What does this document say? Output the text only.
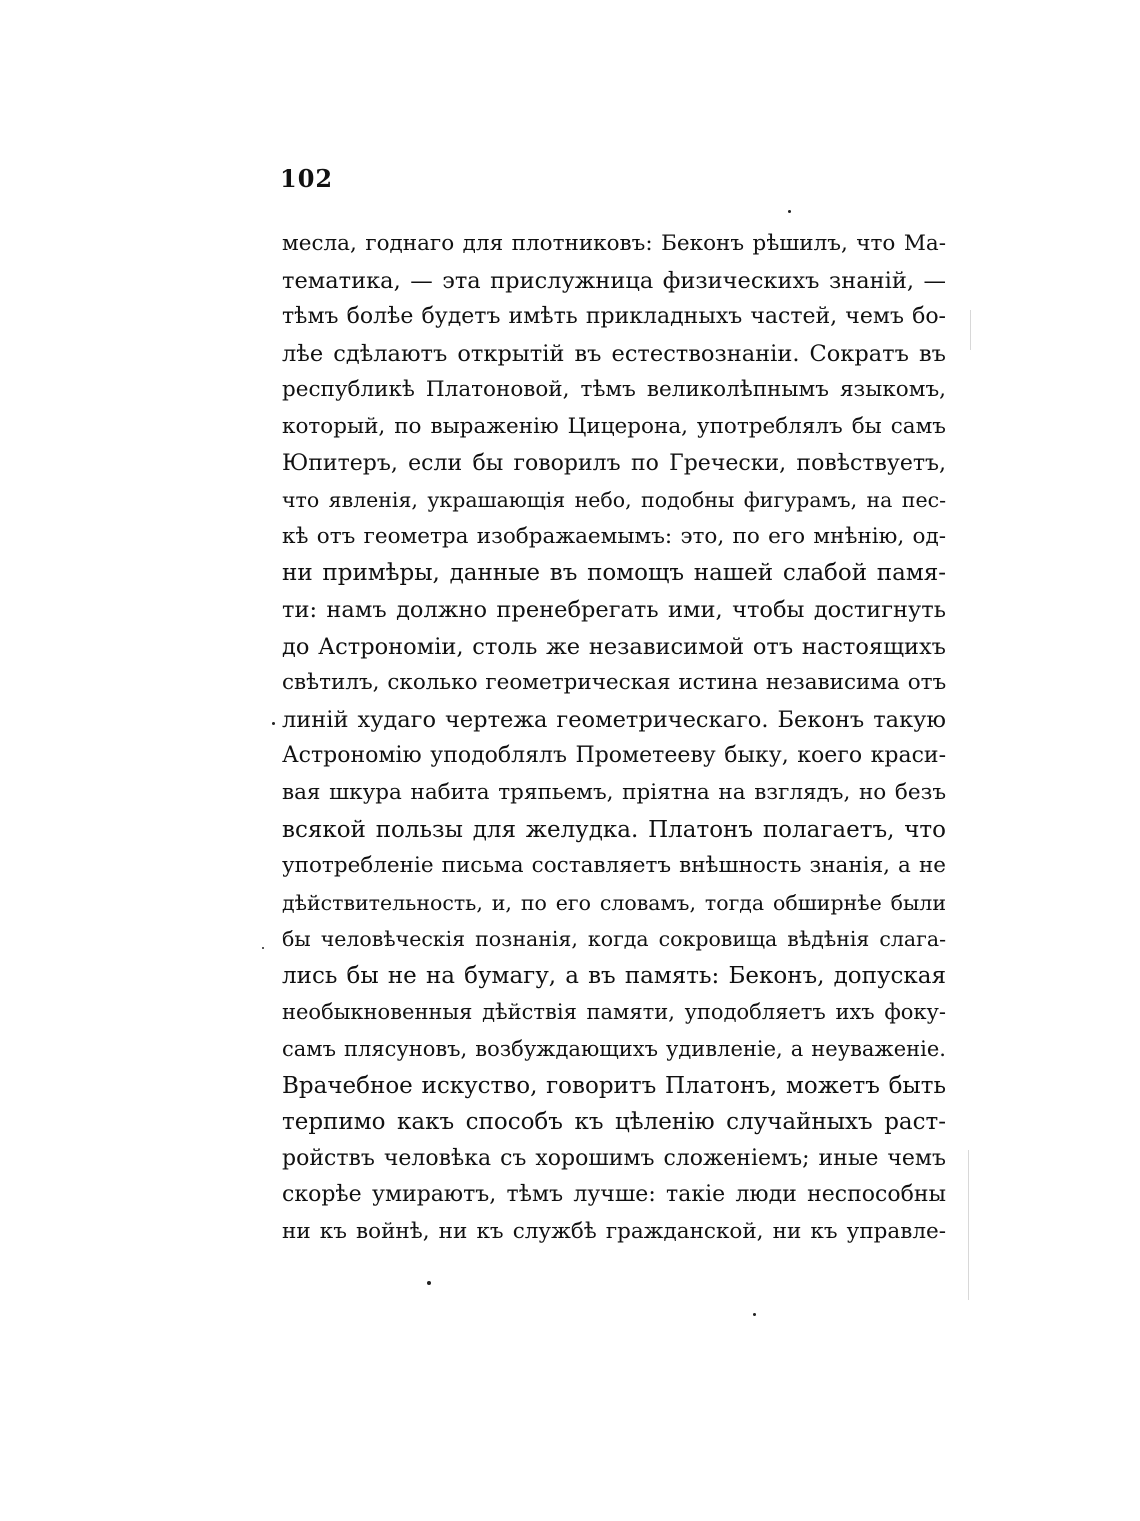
102
месла, годнаго для плотниковъ: Беконъ рѣшилъ, что Ма-
тематика, — эта прислужница физическихъ знаній, —
тѣмъ болѣе будетъ имѣть прикладныхъ частей, чемъ бо-
лѣе сдѣлаютъ открытій въ естествознаніи. Сократъ въ
республикѣ Платоновой, тѣмъ великолѣпнымъ языкомъ,
который, по выраженію Цицерона, употреблялъ бы самъ
Юпитеръ, если бы говорилъ по Гречески, повѣствуетъ,
что явленія, украшающія небо, подобны фигурамъ, на пес-
кѣ отъ геометра изображаемымъ: это, по его мнѣнію, од-
ни примѣры, данные въ помощъ нашей слабой памя-
ти: намъ должно пренебрегать ими, чтобы достигнуть
до Астрономіи, столь же независимой отъ настоящихъ
свѣтилъ, сколько геометрическая истина независима отъ
линій худаго чертежа геометрическаго. Беконъ такую
Астрономію уподоблялъ Прометееву быку, коего краси-
вая шкура набита тряпьемъ, пріятна на взглядъ, но безъ
всякой пользы для желудка. Платонъ полагаетъ, что
употребленіе письма составляетъ внѣшность знанія, а не
дѣйствительность, и, по его словамъ, тогда обширнѣе были
бы человѣческія познанія, когда сокровища вѣдѣнія слага-
лись бы не на бумагу, а въ память: Беконъ, допуская
необыкновенныя дѣйствія памяти, уподобляетъ ихъ фоку-
самъ плясуновъ, возбуждающихъ удивленіе, а неуваженіе.
Врачебное искуство, говоритъ Платонъ, можетъ быть
терпимо какъ способъ къ цѣленію случайныхъ раст-
ройствъ человѣка съ хорошимъ сложеніемъ; иные чемъ
скорѣе умираютъ, тѣмъ лучше: такіе люди неспособны
ни къ войнѣ, ни къ службѣ гражданской, ни къ управле-
